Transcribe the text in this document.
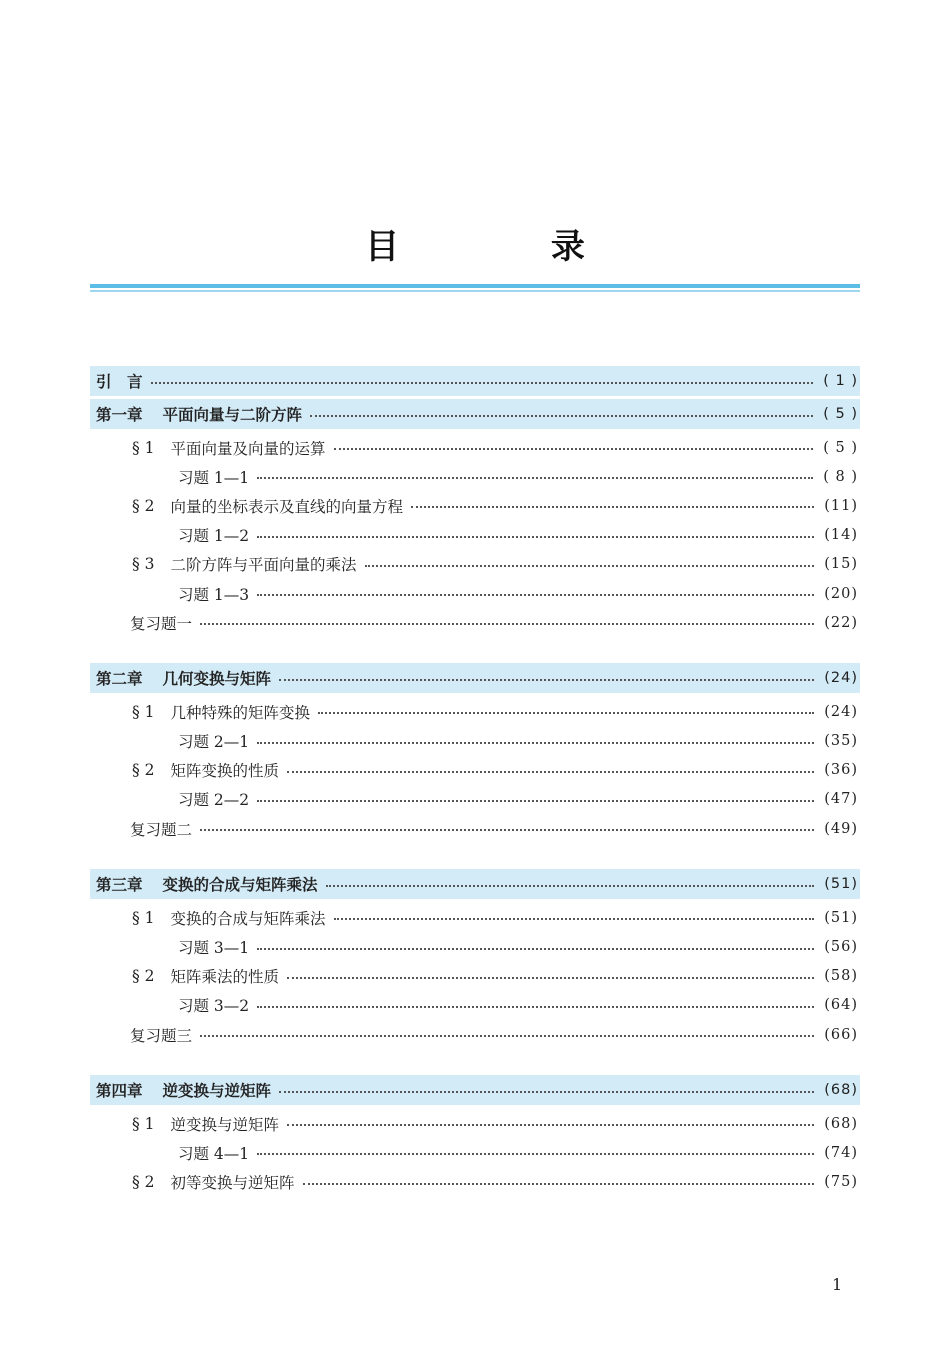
目 录
引　言	( 1 )
第一章 平面向量与二阶方阵	( 5 )
§ 1 平面向量及向量的运算	( 5 )
习题 1—1	( 8 )
§ 2 向量的坐标表示及直线的向量方程	(11)
习题 1—2	(14)
§ 3 二阶方阵与平面向量的乘法	(15)
习题 1—3	(20)
复习题一	(22)
第二章 几何变换与矩阵	(24)
§ 1 几种特殊的矩阵变换	(24)
习题 2—1	(35)
§ 2 矩阵变换的性质	(36)
习题 2—2	(47)
复习题二	(49)
第三章 变换的合成与矩阵乘法	(51)
§ 1 变换的合成与矩阵乘法	(51)
习题 3—1	(56)
§ 2 矩阵乘法的性质	(58)
习题 3—2	(64)
复习题三	(66)
第四章 逆变换与逆矩阵	(68)
§ 1 逆变换与逆矩阵	(68)
习题 4—1	(74)
§ 2 初等变换与逆矩阵	(75)
1
